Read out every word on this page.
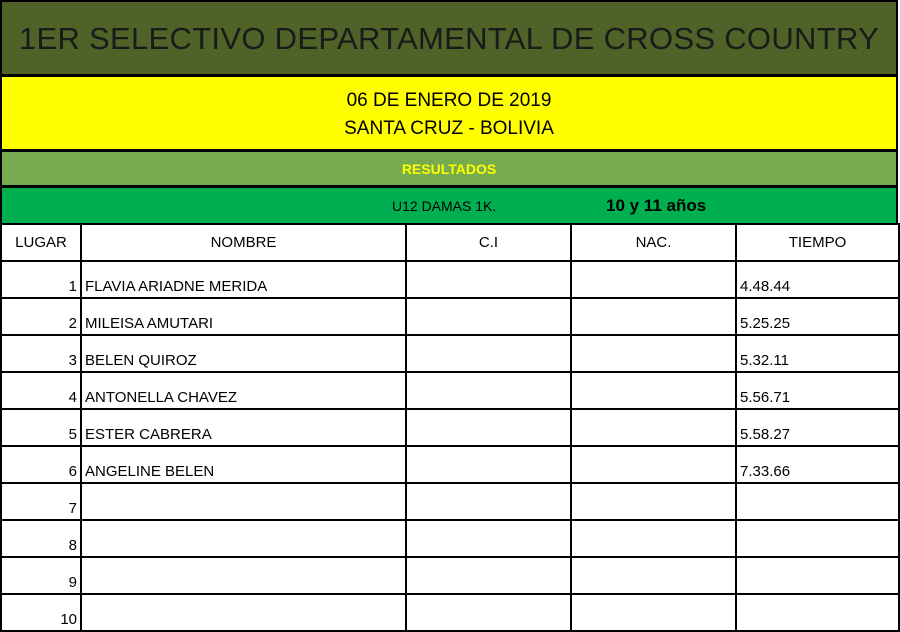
1ER SELECTIVO DEPARTAMENTAL DE CROSS COUNTRY
06 DE ENERO DE 2019
SANTA CRUZ - BOLIVIA
RESULTADOS
U12 DAMAS 1K.	10 y 11 años
LUGAR	NOMBRE	C.I	NAC.	TIEMPO
1	FLAVIA ARIADNE MERIDA			4.48.44
2	MILEISA AMUTARI			5.25.25
3	BELEN QUIROZ			5.32.11
4	ANTONELLA CHAVEZ			5.56.71
5	ESTER CABRERA			5.58.27
6	ANGELINE BELEN			7.33.66
7				
8				
9				
10				
